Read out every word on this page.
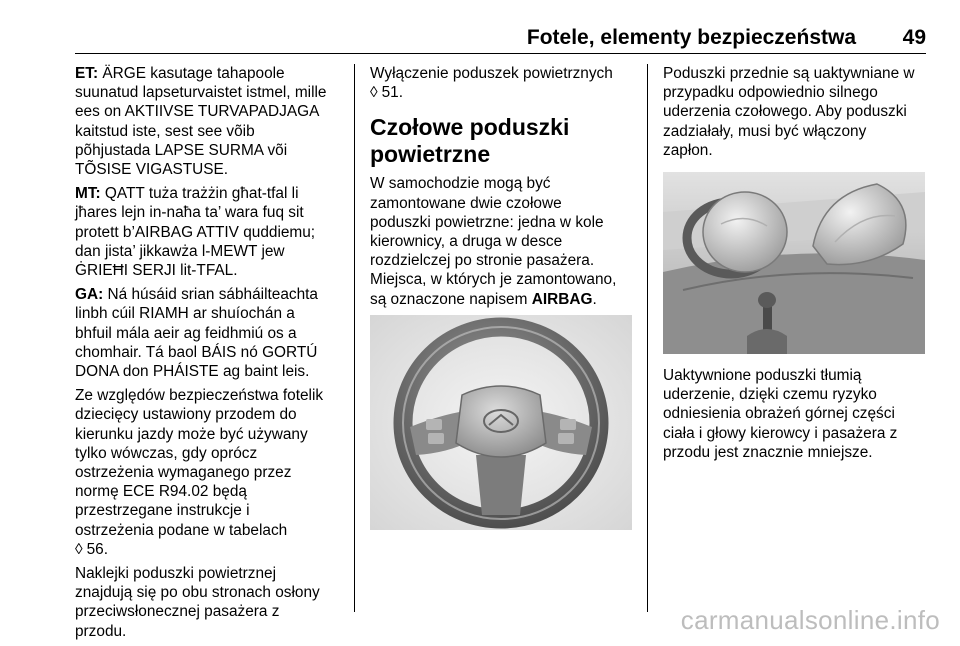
Fotele, elementy bezpieczeństwa 49

ET: ÄRGE kasutage tahapoole
suunatud lapseturvaistet istmel, mille
ees on AKTIIVSE TURVAPADJAGA
kaitstud iste, sest see võib
põhjustada LAPSE SURMA või
TÕSISE VIGASTUSE.

MT: QATT tuża trażżin għat-tfal li
jħares lejn in-naħa ta’ wara fuq sit
protett b’AIRBAG ATTIV quddiemu;
dan jista’ jikkawża l-MEWT jew
ĠRIEĦI SERJI lit-TFAL.

GA: Ná húsáid srian sábháilteachta
linbh cúil RIAMH ar shuíochán a
bhfuil mála aeir ag feidhmiú os a
chomhair. Tá baol BÁIS nó GORTÚ
DONA don PHÁISTE ag baint leis.

Ze względów bezpieczeństwa fotelik
dziecięcy ustawiony przodem do
kierunku jazdy może być używany
tylko wówczas, gdy oprócz
ostrzeżenia wymaganego przez
normę ECE R94.02 będą
przestrzegane instrukcje i
ostrzeżenia podane w tabelach
◊ 56.

Naklejki poduszki powietrznej
znajdują się po obu stronach osłony
przeciwsłonecznej pasażera z
przodu.

Wyłączenie poduszek powietrznych
◊ 51.

Czołowe poduszki
powietrzne

W samochodzie mogą być
zamontowane dwie czołowe
poduszki powietrzne: jedna w kole
kierownicy, a druga w desce
rozdzielczej po stronie pasażera.
Miejsca, w których je zamontowano,
są oznaczone napisem AIRBAG.

Poduszki przednie są uaktywniane w
przypadku odpowiednio silnego
uderzenia czołowego. Aby poduszki
zadziałały, musi być włączony
zapłon.

Uaktywnione poduszki tłumią
uderzenie, dzięki czemu ryzyko
odniesienia obrażeń górnej części
ciała i głowy kierowcy i pasażera z
przodu jest znacznie mniejsze.

carmanualsonline.info
